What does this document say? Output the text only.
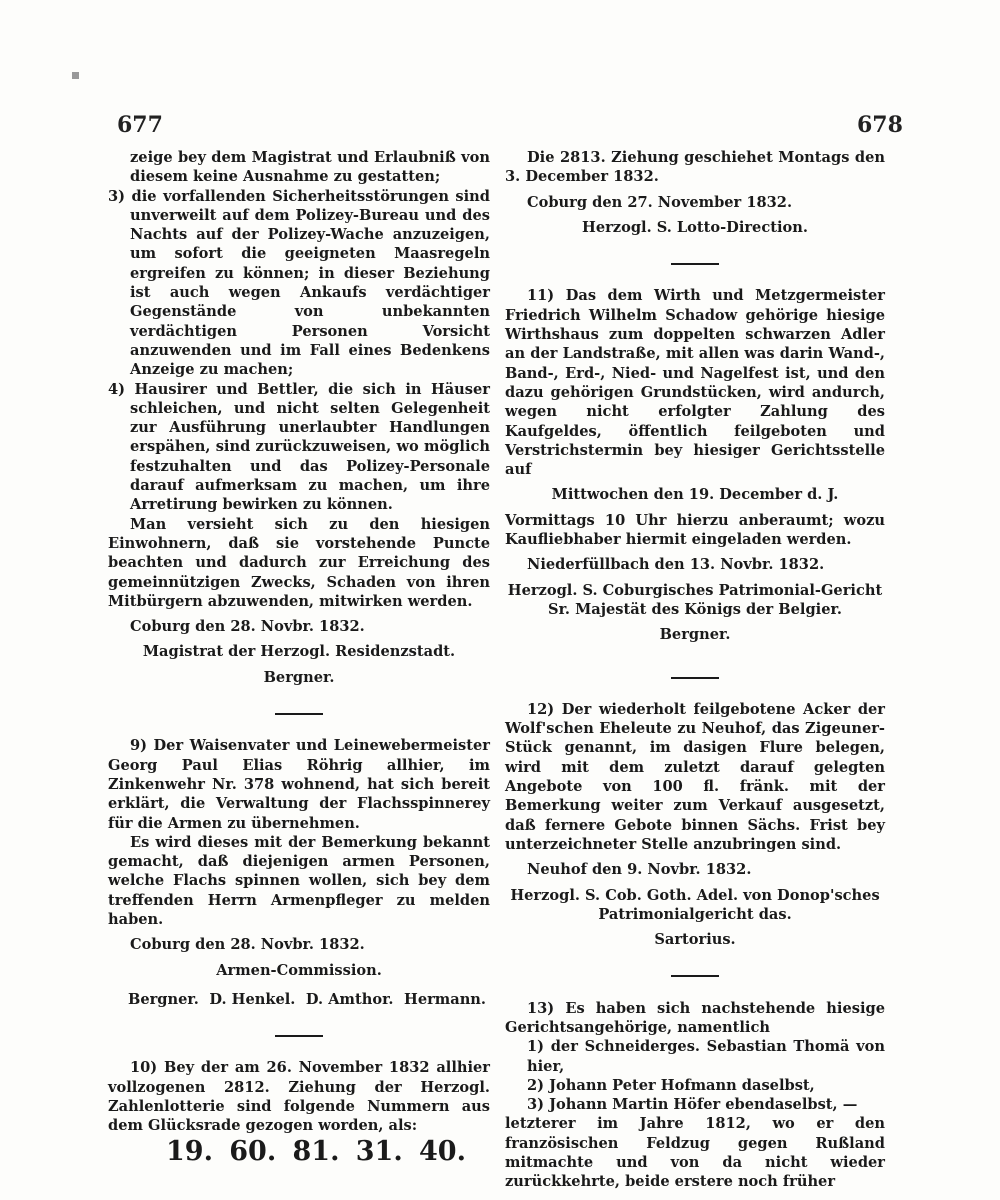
677	678

zeige bey dem Magistrat und Erlaubniß von diesem keine Ausnahme zu gestatten;

3) die vorfallenden Sicherheitsstörungen sind unverweilt auf dem Polizey-Bureau und des Nachts auf der Polizey-Wache anzuzeigen, um sofort die geeigneten Maasregeln ergreifen zu können; in dieser Beziehung ist auch wegen Ankaufs verdächtiger Gegenstände von unbekannten verdächtigen Personen Vorsicht anzuwenden und im Fall eines Bedenkens Anzeige zu machen;

4) Hausirer und Bettler, die sich in Häuser schleichen, und nicht selten Gelegenheit zur Ausführung unerlaubter Handlungen erspähen, sind zurückzuweisen, wo möglich festzuhalten und das Polizey-Personale darauf aufmerksam zu machen, um ihre Arretirung bewirken zu können.

Man versieht sich zu den hiesigen Einwohnern, daß sie vorstehende Puncte beachten und dadurch zur Erreichung des gemeinnützigen Zwecks, Schaden von ihren Mitbürgern abzuwenden, mitwirken werden.

Coburg den 28. Novbr. 1832.

Magistrat der Herzogl. Residenzstadt.

Bergner.

9) Der Waisenvater und Leinewebermeister Georg Paul Elias Röhrig allhier, im Zinkenwehr Nr. 378 wohnend, hat sich bereit erklärt, die Verwaltung der Flachsspinnerey für die Armen zu übernehmen.

Es wird dieses mit der Bemerkung bekannt gemacht, daß diejenigen armen Personen, welche Flachs spinnen wollen, sich bey dem treffenden Herrn Armenpfleger zu melden haben.

Coburg den 28. Novbr. 1832.

Armen-Commission.

Bergner. D. Henkel. D. Amthor. Hermann.

10) Bey der am 26. November 1832 allhier vollzogenen 2812. Ziehung der Herzogl. Zahlenlotterie sind folgende Nummern aus dem Glücksrade gezogen worden, als:

19. 60. 81. 31. 40.

Die 2813. Ziehung geschiehet Montags den 3. December 1832.

Coburg den 27. November 1832.

Herzogl. S. Lotto-Direction.

11) Das dem Wirth und Metzgermeister Friedrich Wilhelm Schadow gehörige hiesige Wirthshaus zum doppelten schwarzen Adler an der Landstraße, mit allen was darin Wand-, Band-, Erd-, Nied- und Nagelfest ist, und den dazu gehörigen Grundstücken, wird andurch, wegen nicht erfolgter Zahlung des Kaufgeldes, öffentlich feilgeboten und Verstrichstermin bey hiesiger Gerichtsstelle auf

Mittwochen den 19. December d. J.

Vormittags 10 Uhr hierzu anberaumt; wozu Kaufliebhaber hiermit eingeladen werden.

Niederfüllbach den 13. Novbr. 1832.

Herzogl. S. Coburgisches Patrimonial-Gericht Sr. Majestät des Königs der Belgier.

Bergner.

12) Der wiederholt feilgebotene Acker der Wolf'schen Eheleute zu Neuhof, das Zigeuner-Stück genannt, im dasigen Flure belegen, wird mit dem zuletzt darauf gelegten Angebote von 100 fl. fränk. mit der Bemerkung weiter zum Verkauf ausgesetzt, daß fernere Gebote binnen Sächs. Frist bey unterzeichneter Stelle anzubringen sind.

Neuhof den 9. Novbr. 1832.

Herzogl. S. Cob. Goth. Adel. von Donop'sches Patrimonialgericht das.

Sartorius.

13) Es haben sich nachstehende hiesige Gerichtsangehörige, namentlich

1) der Schneiderges. Sebastian Thomä von hier,

2) Johann Peter Hofmann daselbst,

3) Johann Martin Höfer ebendaselbst, —

letzterer im Jahre 1812, wo er den französischen Feldzug gegen Rußland mitmachte und von da nicht wieder zurückkehrte, beide erstere noch früher
